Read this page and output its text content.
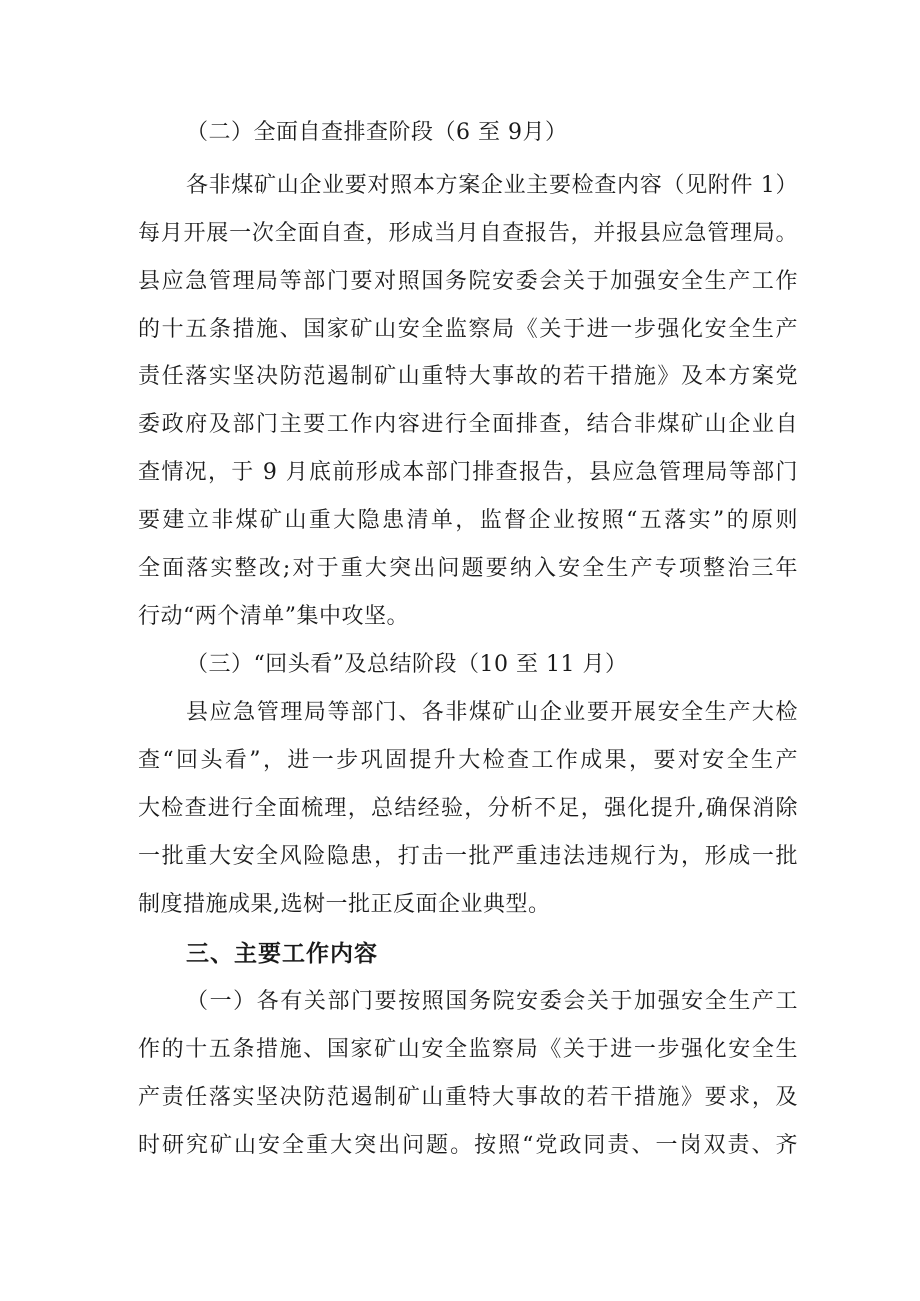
（二）全面自查排查阶段（6 至 9月）
各非煤矿山企业要对照本方案企业主要检查内容（见附件 1）
每月开展一次全面自查，形成当月自查报告，并报县应急管理局。
县应急管理局等部门要对照国务院安委会关于加强安全生产工作
的十五条措施、国家矿山安全监察局《关于进一步强化安全生产
责任落实坚决防范遏制矿山重特大事故的若干措施》及本方案党
委政府及部门主要工作内容进行全面排查，结合非煤矿山企业自
查情况，于 9 月底前形成本部门排查报告，县应急管理局等部门
要建立非煤矿山重大隐患清单，监督企业按照“五落实”的原则
全面落实整改;对于重大突出问题要纳入安全生产专项整治三年
行动“两个清单”集中攻坚。
（三）“回头看”及总结阶段（10 至 11 月）
县应急管理局等部门、各非煤矿山企业要开展安全生产大检
查“回头看”，进一步巩固提升大检查工作成果，要对安全生产
大检查进行全面梳理，总结经验，分析不足，强化提升,确保消除
一批重大安全风险隐患，打击一批严重违法违规行为，形成一批
制度措施成果,选树一批正反面企业典型。
三、主要工作内容
（一）各有关部门要按照国务院安委会关于加强安全生产工
作的十五条措施、国家矿山安全监察局《关于进一步强化安全生
产责任落实坚决防范遏制矿山重特大事故的若干措施》要求，及
时研究矿山安全重大突出问题。按照“党政同责、一岗双责、齐
